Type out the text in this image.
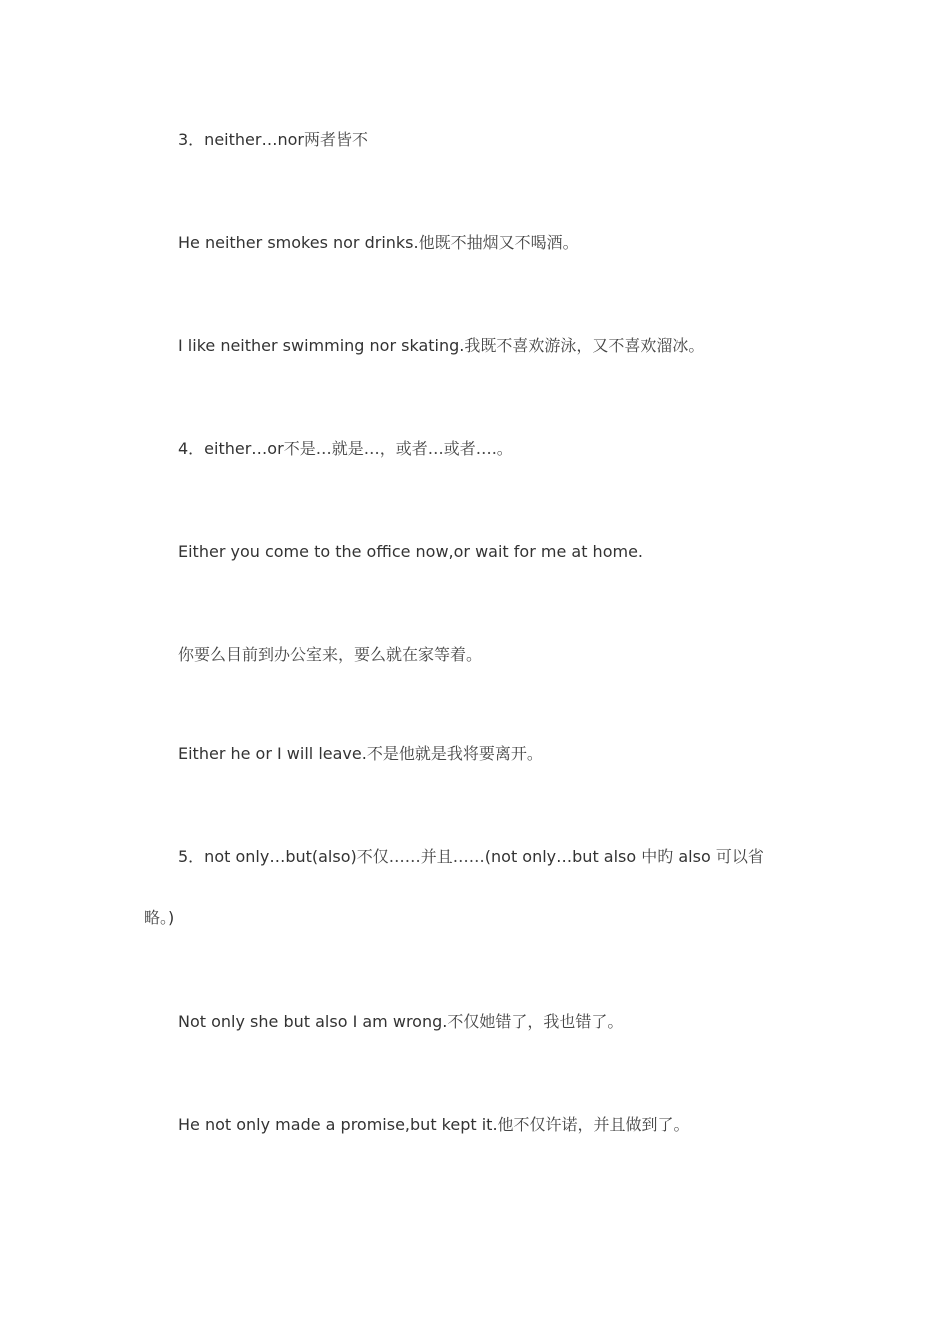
3．neither…nor两者皆不

He neither smokes nor drinks.他既不抽烟又不喝酒。

I like neither swimming nor skating.我既不喜欢游泳，又不喜欢溜冰。

4．either…or不是…就是…，或者…或者….。

Either you come to the office now,or wait for me at home.

你要么目前到办公室来，要么就在家等着。

Either he or I will leave.不是他就是我将要离开。

5．not only…but(also)不仅……并且……(not only…but also 中旳 also 可以省

略。)

Not only she but also I am wrong.不仅她错了，我也错了。

He not only made a promise,but kept it.他不仅许诺，并且做到了。
